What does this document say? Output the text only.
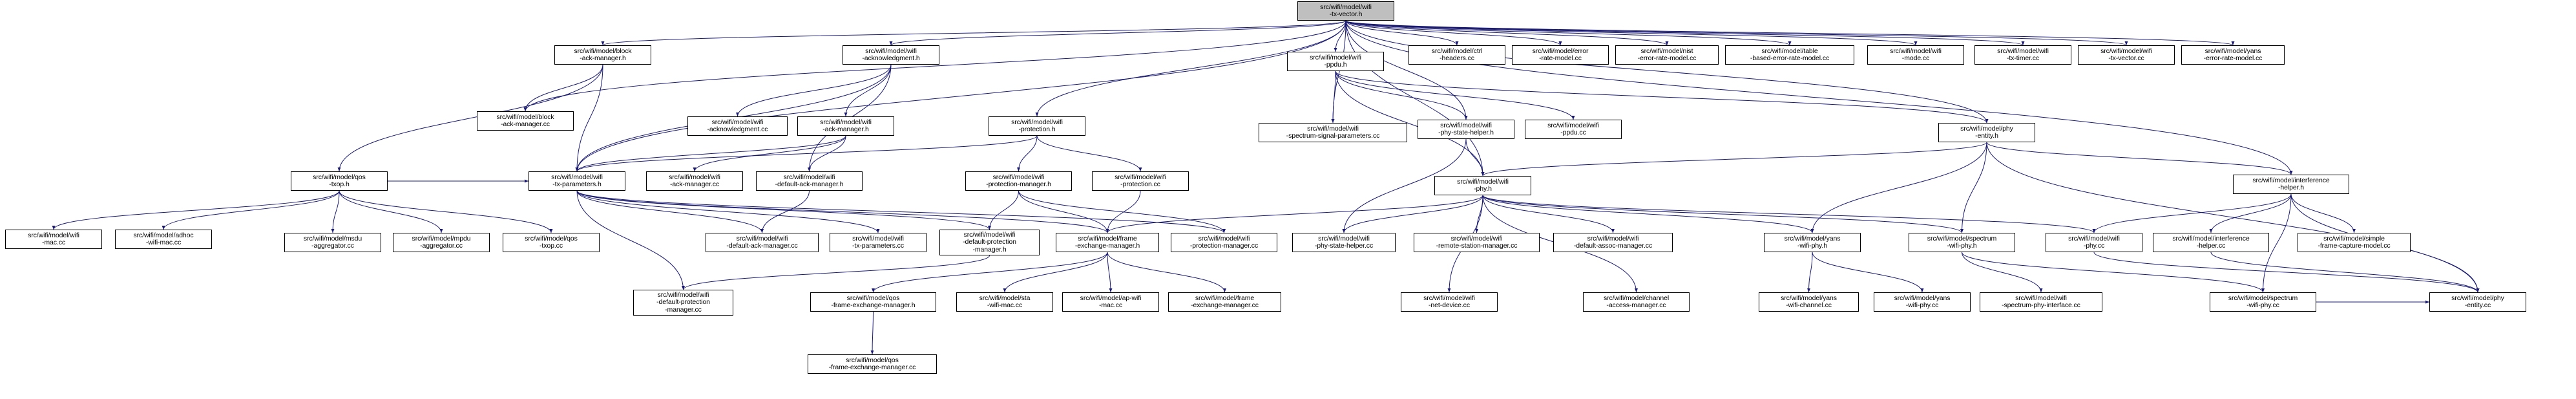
src/wifi/model/wifi
-tx-vector.h
src/wifi/model/block
-ack-manager.h
src/wifi/model/wifi
-acknowledgment.h
src/wifi/model/ctrl
-headers.cc
src/wifi/model/error
-rate-model.cc
src/wifi/model/nist
-error-rate-model.cc
src/wifi/model/table
-based-error-rate-model.cc
src/wifi/model/wifi
-mode.cc
src/wifi/model/wifi
-tx-timer.cc
src/wifi/model/wifi
-tx-vector.cc
src/wifi/model/yans
-error-rate-model.cc
src/wifi/model/wifi
-ppdu.h
src/wifi/model/block
-ack-manager.cc	src/wifi/model/wifi
-acknowledgment.cc
src/wifi/model/wifi
-ack-manager.h
src/wifi/model/wifi
-protection.h	src/wifi/model/wifi
-spectrum-signal-parameters.cc
src/wifi/model/wifi
-phy-state-helper.h
src/wifi/model/wifi
-ppdu.cc
src/wifi/model/phy
-entity.h
src/wifi/model/qos
-txop.h
src/wifi/model/wifi
-tx-parameters.h
src/wifi/model/wifi
-ack-manager.cc
src/wifi/model/wifi
-default-ack-manager.h
src/wifi/model/wifi
-protection-manager.h
src/wifi/model/wifi
-protection.cc	src/wifi/model/wifi
-phy.h
src/wifi/model/interference
-helper.h
src/wifi/model/wifi
-mac.cc
src/wifi/model/adhoc
-wifi-mac.cc
src/wifi/model/msdu
-aggregator.cc
src/wifi/model/mpdu
-aggregator.cc
src/wifi/model/qos
-txop.cc
src/wifi/model/wifi
-default-ack-manager.cc
src/wifi/model/wifi
-tx-parameters.cc
src/wifi/model/wifi
-default-protection
-manager.h
src/wifi/model/frame
-exchange-manager.h
src/wifi/model/wifi
-protection-manager.cc
src/wifi/model/wifi
-phy-state-helper.cc
src/wifi/model/wifi
-remote-station-manager.cc
src/wifi/model/wifi
-default-assoc-manager.cc
src/wifi/model/yans
-wifi-phy.h
src/wifi/model/spectrum
-wifi-phy.h
src/wifi/model/wifi
-phy.cc
src/wifi/model/interference
-helper.cc
src/wifi/model/simple
-frame-capture-model.cc
src/wifi/model/wifi
-default-protection
-manager.cc
src/wifi/model/qos
-frame-exchange-manager.h
src/wifi/model/sta
-wifi-mac.cc
src/wifi/model/ap-wifi
-mac.cc
src/wifi/model/frame
-exchange-manager.cc
src/wifi/model/wifi
-net-device.cc
src/wifi/model/channel
-access-manager.cc
src/wifi/model/yans
-wifi-channel.cc
src/wifi/model/yans
-wifi-phy.cc
src/wifi/model/wifi
-spectrum-phy-interface.cc
src/wifi/model/spectrum
-wifi-phy.cc
src/wifi/model/phy
-entity.cc
src/wifi/model/qos
-frame-exchange-manager.cc
